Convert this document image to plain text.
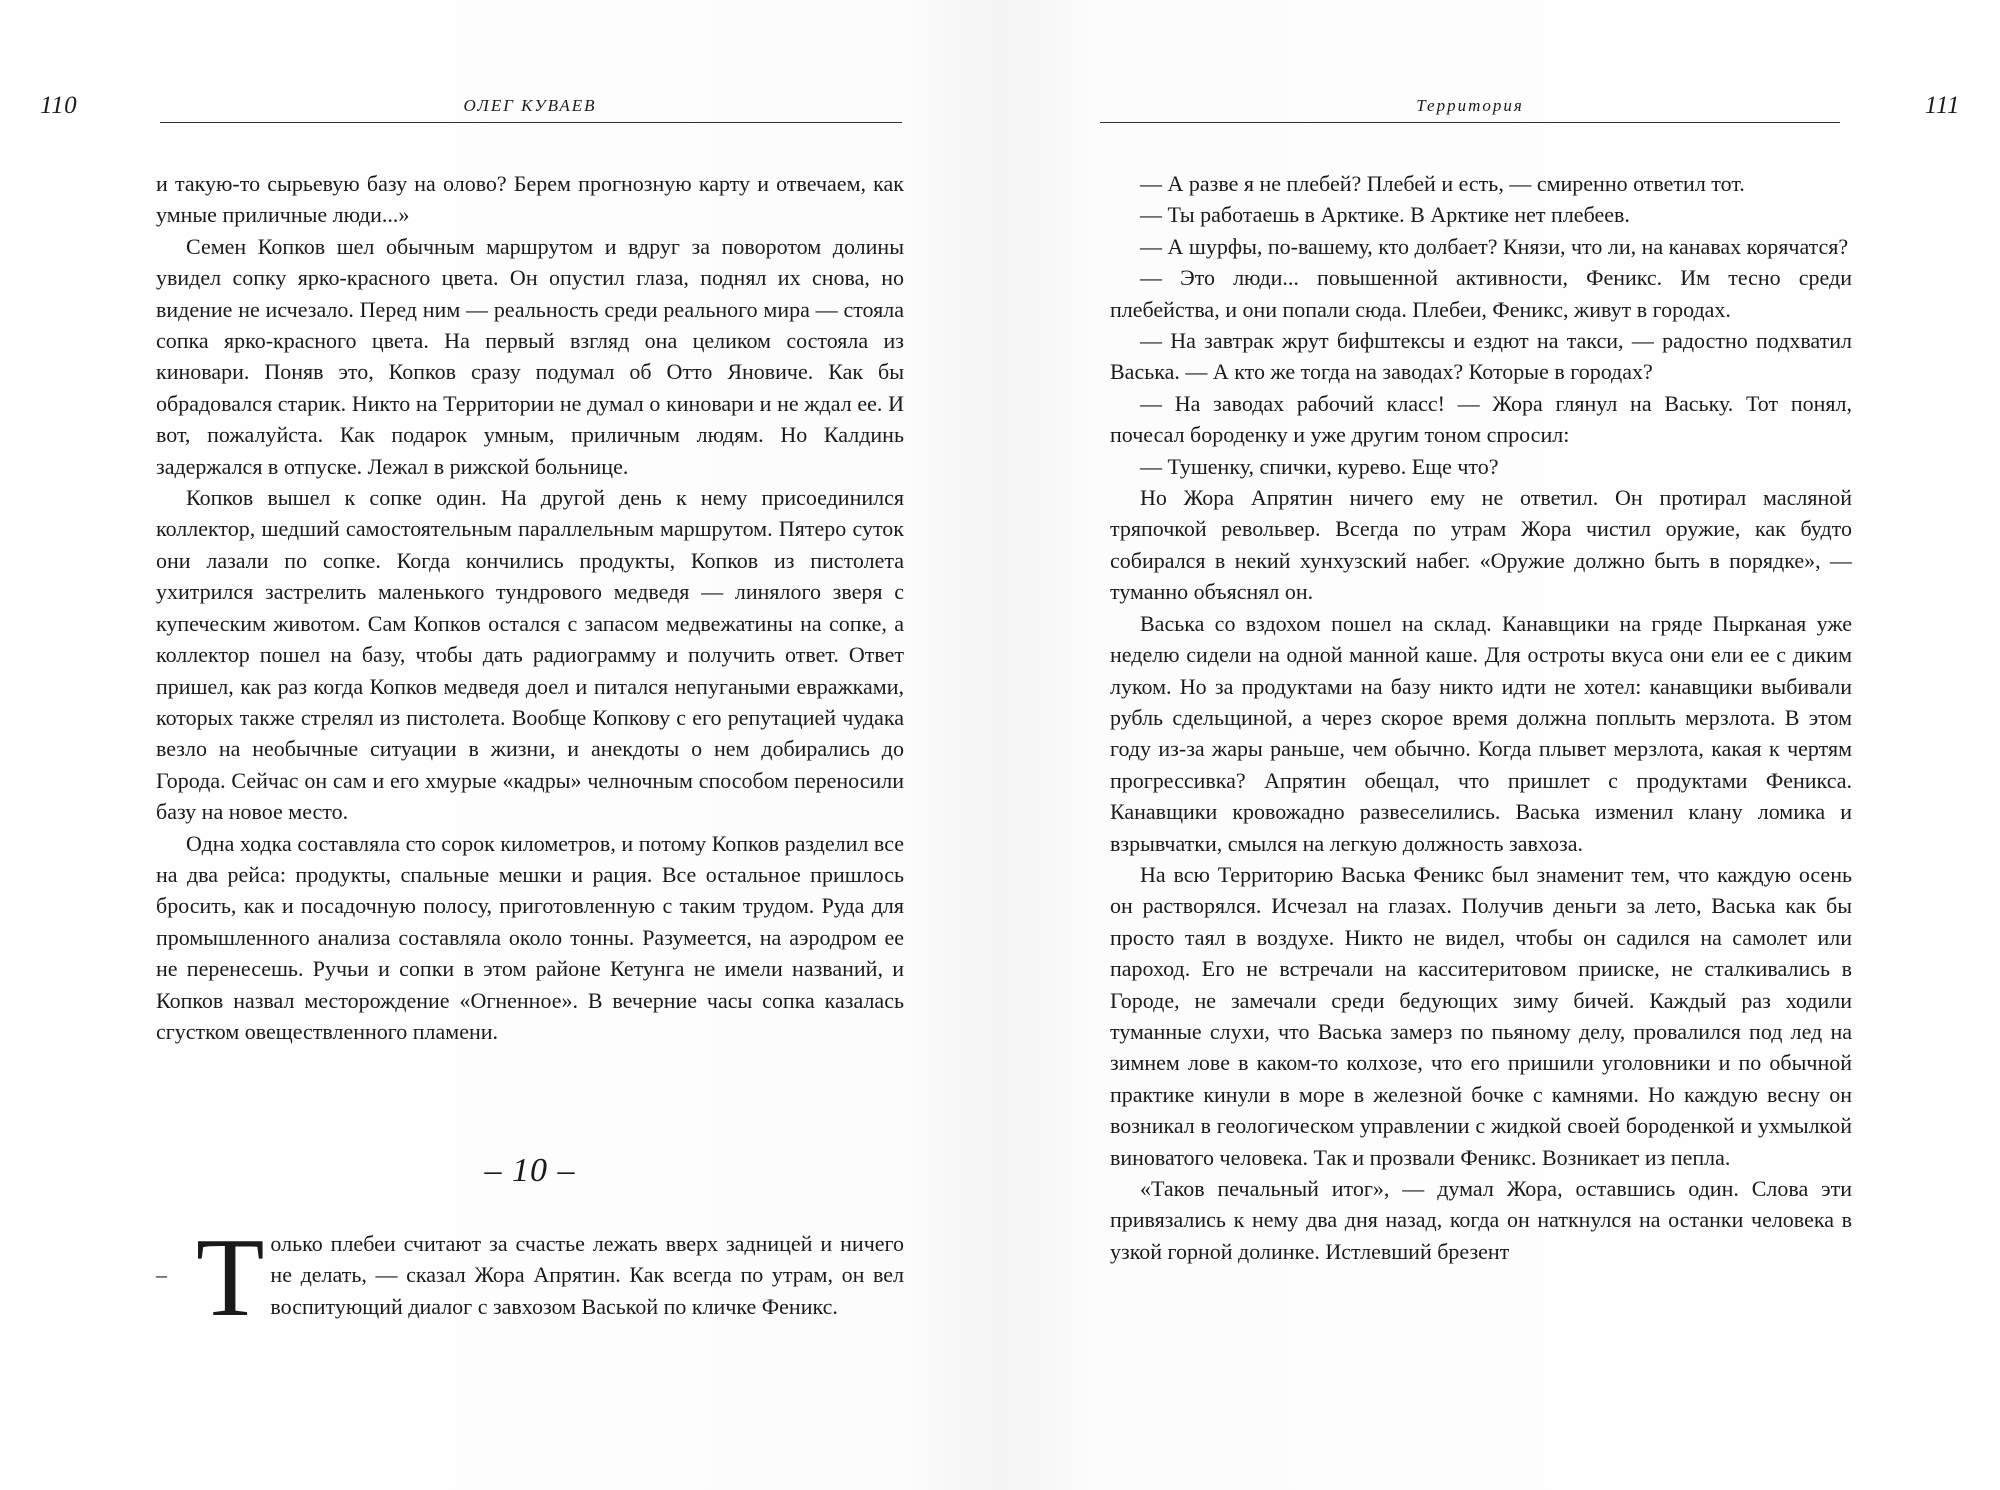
110	ОЛЕГ КУВАЕВ

и такую-то сырьевую базу на олово? Берем прогнозную карту и отвечаем, как умные приличные люди...»

Семен Копков шел обычным маршрутом и вдруг за поворотом долины увидел сопку ярко-красного цвета. Он опустил глаза, поднял их снова, но видение не исчезало. Перед ним — реальность среди реального мира — стояла сопка ярко-красного цвета. На первый взгляд она целиком состояла из киновари. Поняв это, Копков сразу подумал об Отто Яновиче. Как бы обрадовался старик. Никто на Территории не думал о киновари и не ждал ее. И вот, пожалуйста. Как подарок умным, приличным людям. Но Калдинь задержался в отпуске. Лежал в рижской больнице.

Копков вышел к сопке один. На другой день к нему присоединился коллектор, шедший самостоятельным параллельным маршрутом. Пятеро суток они лазали по сопке. Когда кончились продукты, Копков из пистолета ухитрился застрелить маленького тундрового медведя — линялого зверя с купеческим животом. Сам Копков остался с запасом медвежатины на сопке, а коллектор пошел на базу, чтобы дать радиограмму и получить ответ. Ответ пришел, как раз когда Копков медведя доел и питался непугаными евражками, которых также стрелял из пистолета. Вообще Копкову с его репутацией чудака везло на необычные ситуации в жизни, и анекдоты о нем добирались до Города. Сейчас он сам и его хмурые «кадры» челночным способом переносили базу на новое место.

Одна ходка составляла сто сорок километров, и потому Копков разделил все на два рейса: продукты, спальные мешки и рация. Все остальное пришлось бросить, как и посадочную полосу, приготовленную с таким трудом. Руда для промышленного анализа составляла около тонны. Разумеется, на аэродром ее не перенесешь. Ручьи и сопки в этом районе Кетунга не имели названий, и Копков назвал месторождение «Огненное». В вечерние часы сопка казалась сгустком овеществленного пламени.

– 10 –
– Т олько плебеи считают за счастье лежать вверх задницей и ничего не делать, — сказал Жора Апрятин. Как всегда по утрам, он вел воспитующий диалог с завхозом Васькой по кличке Феникс.

111
Территория

— А разве я не плебей? Плебей и есть, — смиренно ответил тот.

— Ты работаешь в Арктике. В Арктике нет плебеев.

— А шурфы, по-вашему, кто долбает? Князи, что ли, на канавах корячатся?

— Это люди... повышенной активности, Феникс. Им тесно среди плебейства, и они попали сюда. Плебеи, Феникс, живут в городах.

— На завтрак жрут бифштексы и ездют на такси, — радостно подхватил Васька. — А кто же тогда на заводах? Которые в городах?

— На заводах рабочий класс! — Жора глянул на Ваську. Тот понял, почесал бороденку и уже другим тоном спросил:

— Тушенку, спички, курево. Еще что?

Но Жора Апрятин ничего ему не ответил. Он протирал масляной тряпочкой револьвер. Всегда по утрам Жора чистил оружие, как будто собирался в некий хунхузский набег. «Оружие должно быть в порядке», — туманно объяснял он.

Васька со вздохом пошел на склад. Канавщики на гряде Пырканая уже неделю сидели на одной манной каше. Для остроты вкуса они ели ее с диким луком. Но за продуктами на базу никто идти не хотел: канавщики выбивали рубль сдельщиной, а через скорое время должна поплыть мерзлота. В этом году из-за жары раньше, чем обычно. Когда плывет мерзлота, какая к чертям прогрессивка? Апрятин обещал, что пришлет с продуктами Феникса. Канавщики кровожадно развеселились. Васька изменил клану ломика и взрывчатки, смылся на легкую должность завхоза.

На всю Территорию Васька Феникс был знаменит тем, что каждую осень он растворялся. Исчезал на глазах. Получив деньги за лето, Васька как бы просто таял в воздухе. Никто не видел, чтобы он садился на самолет или пароход. Его не встречали на касситеритовом прииске, не сталкивались в Городе, не замечали среди бедующих зиму бичей. Каждый раз ходили туманные слухи, что Васька замерз по пьяному делу, провалился под лед на зимнем лове в каком-то колхозе, что его пришили уголовники и по обычной практике кинули в море в железной бочке с камнями. Но каждую весну он возникал в геологическом управлении с жидкой своей бороденкой и ухмылкой виноватого человека. Так и прозвали Феникс. Возникает из пепла.

«Таков печальный итог», — думал Жора, оставшись один. Слова эти привязались к нему два дня назад, когда он наткнулся на останки человека в узкой горной долинке. Истлевший брезент
